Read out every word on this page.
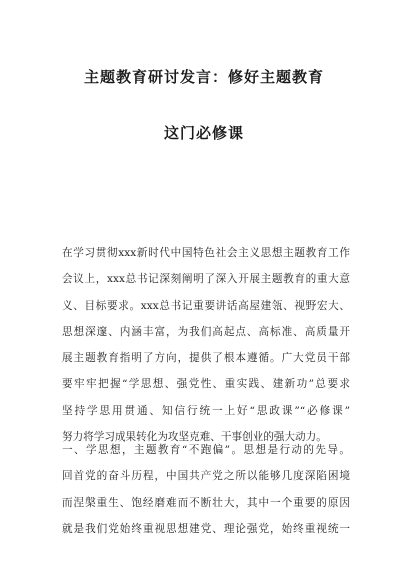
主题教育研讨发言：修好主题教育
这门必修课
在学习贯彻xxx新时代中国特色社会主义思想主题教育工作
会议上，xxx总书记深刻阐明了深入开展主题教育的重大意
义、目标要求。xxx总书记重要讲话高屋建瓴、视野宏大、
思想深邃、内涵丰富，为我们高起点、高标准、高质量开
展主题教育指明了方向，提供了根本遵循。广大党员干部
要牢牢把握“学思想、强党性、重实践、建新功”总要求
坚持学思用贯通、知信行统一上好“思政课”“必修课”
努力将学习成果转化为攻坚克难、干事创业的强大动力。
一、学思想，主题教育“不跑偏”。思想是行动的先导。
回首党的奋斗历程，中国共产党之所以能够几度深陷困境
而涅槃重生、饱经磨难而不断壮大，其中一个重要的原因
就是我们党始终重视思想建党、理论强党，始终重视统一
